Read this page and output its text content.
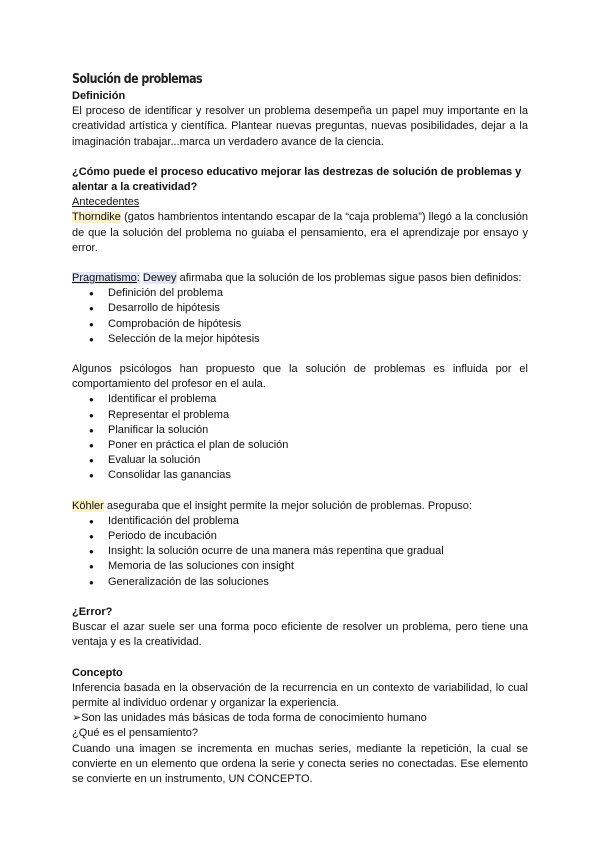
Solución de problemas
Definición

El proceso de identificar y resolver un problema desempeña un papel muy importante en la creatividad artística y científica. Plantear nuevas preguntas, nuevas posibilidades, dejar a la imaginación trabajar...marca un verdadero avance de la ciencia.

¿Cómo puede el proceso educativo mejorar las destrezas de solución de problemas y alentar a la creatividad?

Antecedentes

Thorndike (gatos hambrientos intentando escapar de la “caja problema”) llegó a la conclusión de que la solución del problema no guiaba el pensamiento, era el aprendizaje por ensayo y error.

Pragmatismo: Dewey afirmaba que la solución de los problemas sigue pasos bien definidos:

● Definición del problema
● Desarrollo de hipótesis
● Comprobación de hipótesis
● Selección de la mejor hipótesis

Algunos psicólogos han propuesto que la solución de problemas es influida por el comportamiento del profesor en el aula.

● Identificar el problema
● Representar el problema
● Planificar la solución
● Poner en práctica el plan de solución
● Evaluar la solución
● Consolidar las ganancias

Köhler aseguraba que el insight permite la mejor solución de problemas. Propuso:

● Identificación del problema
● Periodo de incubación
● Insight: la solución ocurre de una manera más repentina que gradual
● Memoria de las soluciones con insight
● Generalización de las soluciones
¿Error?

Buscar el azar suele ser una forma poco eficiente de resolver un problema, pero tiene una ventaja y es la creatividad.

Concepto

Inferencia basada en la observación de la recurrencia en un contexto de variabilidad, lo cual permite al individuo ordenar y organizar la experiencia.

➢Son las unidades más básicas de toda forma de conocimiento humano

¿Qué es el pensamiento?

Cuando una imagen se incrementa en muchas series, mediante la repetición, la cual se convierte en un elemento que ordena la serie y conecta series no conectadas. Ese elemento se convierte en un instrumento, UN CONCEPTO.
